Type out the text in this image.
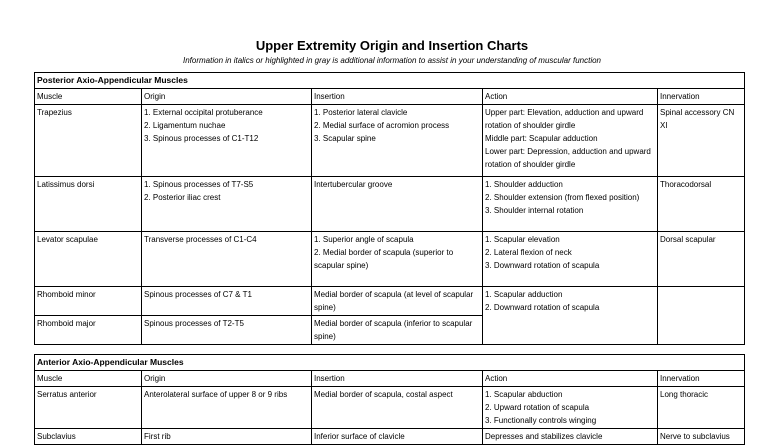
Upper Extremity Origin and Insertion Charts
Information in italics or highlighted in gray is additional information to assist in your understanding of muscular function
Posterior Axio-Appendicular Muscles				
Muscle	Origin	Insertion	Action	Innervation
Trapezius	1. External occipital protuberance
2. Ligamentum nuchae
3. Spinous processes of C1-T12	1. Posterior lateral clavicle
2. Medial surface of acromion process
3. Scapular spine	Upper part: Elevation, adduction and upward rotation of shoulder girdle
Middle part: Scapular adduction
Lower part: Depression, adduction and upward rotation of shoulder girdle	Spinal accessory CN XI
Latissimus dorsi	1. Spinous processes of T7-S5
2. Posterior iliac crest	Intertubercular groove	1. Shoulder adduction
2. Shoulder extension (from flexed position)
3. Shoulder internal rotation	Thoracodorsal
Levator scapulae	Transverse processes of C1-C4	1. Superior angle of scapula
2. Medial border of scapula (superior to scapular spine)	1. Scapular elevation
2. Lateral flexion of neck
3. Downward rotation of scapula	Dorsal scapular
Rhomboid minor	Spinous processes of C7 & T1	Medial border of scapula (at level of scapular spine)	1. Scapular adduction
2. Downward rotation of scapula	

Rhomboid major	Spinous processes of T2-T5	Medial border of scapula (inferior to scapular spine)		
Anterior Axio-Appendicular Muscles				
Muscle	Origin	Insertion	Action	Innervation
Serratus anterior	Anterolateral surface of upper 8 or 9 ribs	Medial border of scapula, costal aspect	1. Scapular abduction
2. Upward rotation of scapula
3. Functionally controls winging	Long thoracic
Subclavius	First rib	Inferior surface of clavicle	Depresses and stabilizes clavicle	Nerve to subclavius
